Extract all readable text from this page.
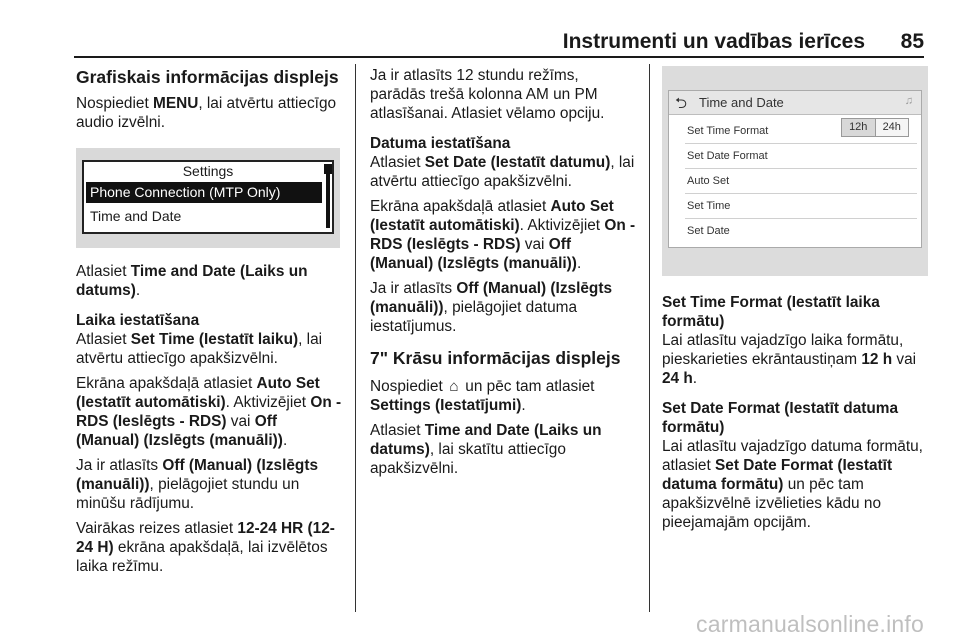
Instrumenti un vadības ierīces 85

Grafiskais informācijas displejs

Nospiediet MENU, lai atvērtu attiecīgo audio izvēlni.

Settings
Phone Connection (MTP Only)
Time and Date

Atlasiet Time and Date (Laiks un datums).

Laika iestatīšana

Atlasiet Set Time (Iestatīt laiku), lai atvērtu attiecīgo apakšizvēlni.

Ekrāna apakšdaļā atlasiet Auto Set (Iestatīt automātiski). Aktivizējiet On - RDS (Ieslēgts - RDS) vai Off (Manual) (Izslēgts (manuāli)).

Ja ir atlasīts Off (Manual) (Izslēgts (manuāli)), pielāgojiet stundu un minūšu rādījumu.

Vairākas reizes atlasiet 12-24 HR (12-24 H) ekrāna apakšdaļā, lai izvēlētos laika režīmu.

Ja ir atlasīts 12 stundu režīms, parādās trešā kolonna AM un PM atlasīšanai. Atlasiet vēlamo opciju.

Datuma iestatīšana

Atlasiet Set Date (Iestatīt datumu), lai atvērtu attiecīgo apakšizvēlni.

Ekrāna apakšdaļā atlasiet Auto Set (Iestatīt automātiski). Aktivizējiet On - RDS (Ieslēgts - RDS) vai Off (Manual) (Izslēgts (manuāli)).

Ja ir atlasīts Off (Manual) (Izslēgts (manuāli)), pielāgojiet datuma iestatījumus.

7" Krāsu informācijas displejs

Nospiediet ⌂ un pēc tam atlasiet Settings (Iestatījumi).

Atlasiet Time and Date (Laiks un datums), lai skatītu attiecīgo apakšizvēlni.

⮌ Time and Date	♫
Set Time Format	12h	24h
Set Date Format
Auto Set
Set Time
Set Date

Set Time Format (Iestatīt laika formātu)

Lai atlasītu vajadzīgo laika formātu, pieskarieties ekrāntaustiņam 12 h vai 24 h.

Set Date Format (Iestatīt datuma formātu)

Lai atlasītu vajadzīgo datuma formātu, atlasiet Set Date Format (Iestatīt datuma formātu) un pēc tam apakšizvēlnē izvēlieties kādu no pieejamajām opcijām.

carmanualsonline.info
